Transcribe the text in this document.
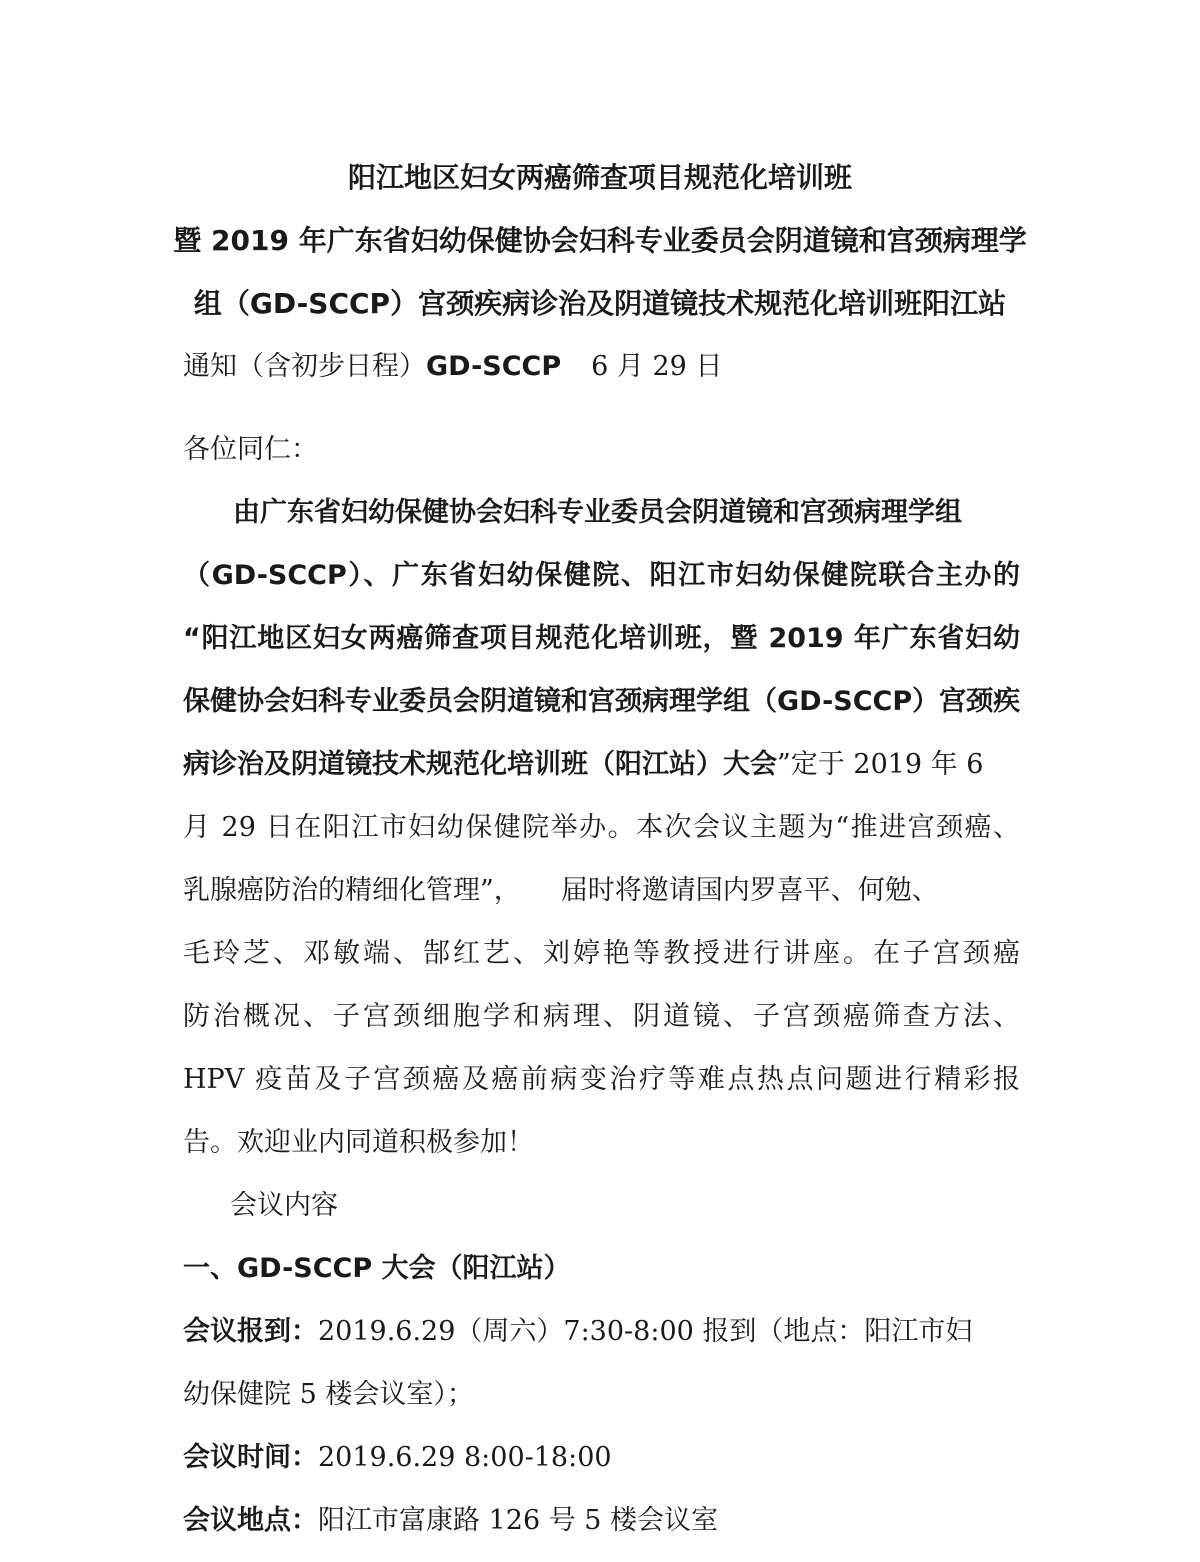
阳江地区妇女两癌筛查项目规范化培训班
暨 2019 年广东省妇幼保健协会妇科专业委员会阴道镜和宫颈病理学
组（GD-SCCP）宫颈疾病诊治及阴道镜技术规范化培训班阳江站
通知（含初步日程）GD-SCCP 6 月 29 日
各位同仁：
由广东省妇幼保健协会妇科专业委员会阴道镜和宫颈病理学组
（GD-SCCP）、广东省妇幼保健院、阳江市妇幼保健院联合主办的
“阳江地区妇女两癌筛查项目规范化培训班，暨 2019 年广东省妇幼
保健协会妇科专业委员会阴道镜和宫颈病理学组（GD-SCCP）宫颈疾
病诊治及阴道镜技术规范化培训班（阳江站）大会”定于 2019 年 6
月 29 日在阳江市妇幼保健院举办。本次会议主题为“推进宫颈癌、
乳腺癌防治的精细化管理”， 届时将邀请国内罗喜平、何勉、
毛玲芝、邓敏端、郜红艺、刘婷艳等教授进行讲座。在子宫颈癌
防治概况、子宫颈细胞学和病理、阴道镜、子宫颈癌筛查方法、
HPV 疫苗及子宫颈癌及癌前病变治疗等难点热点问题进行精彩报
告。欢迎业内同道积极参加！
会议内容
一、GD-SCCP 大会（阳江站）
会议报到：2019.6.29（周六）7:30-8:00 报到（地点：阳江市妇
幼保健院 5 楼会议室）；
会议时间：2019.6.29 8:00-18:00
会议地点：阳江市富康路 126 号 5 楼会议室
